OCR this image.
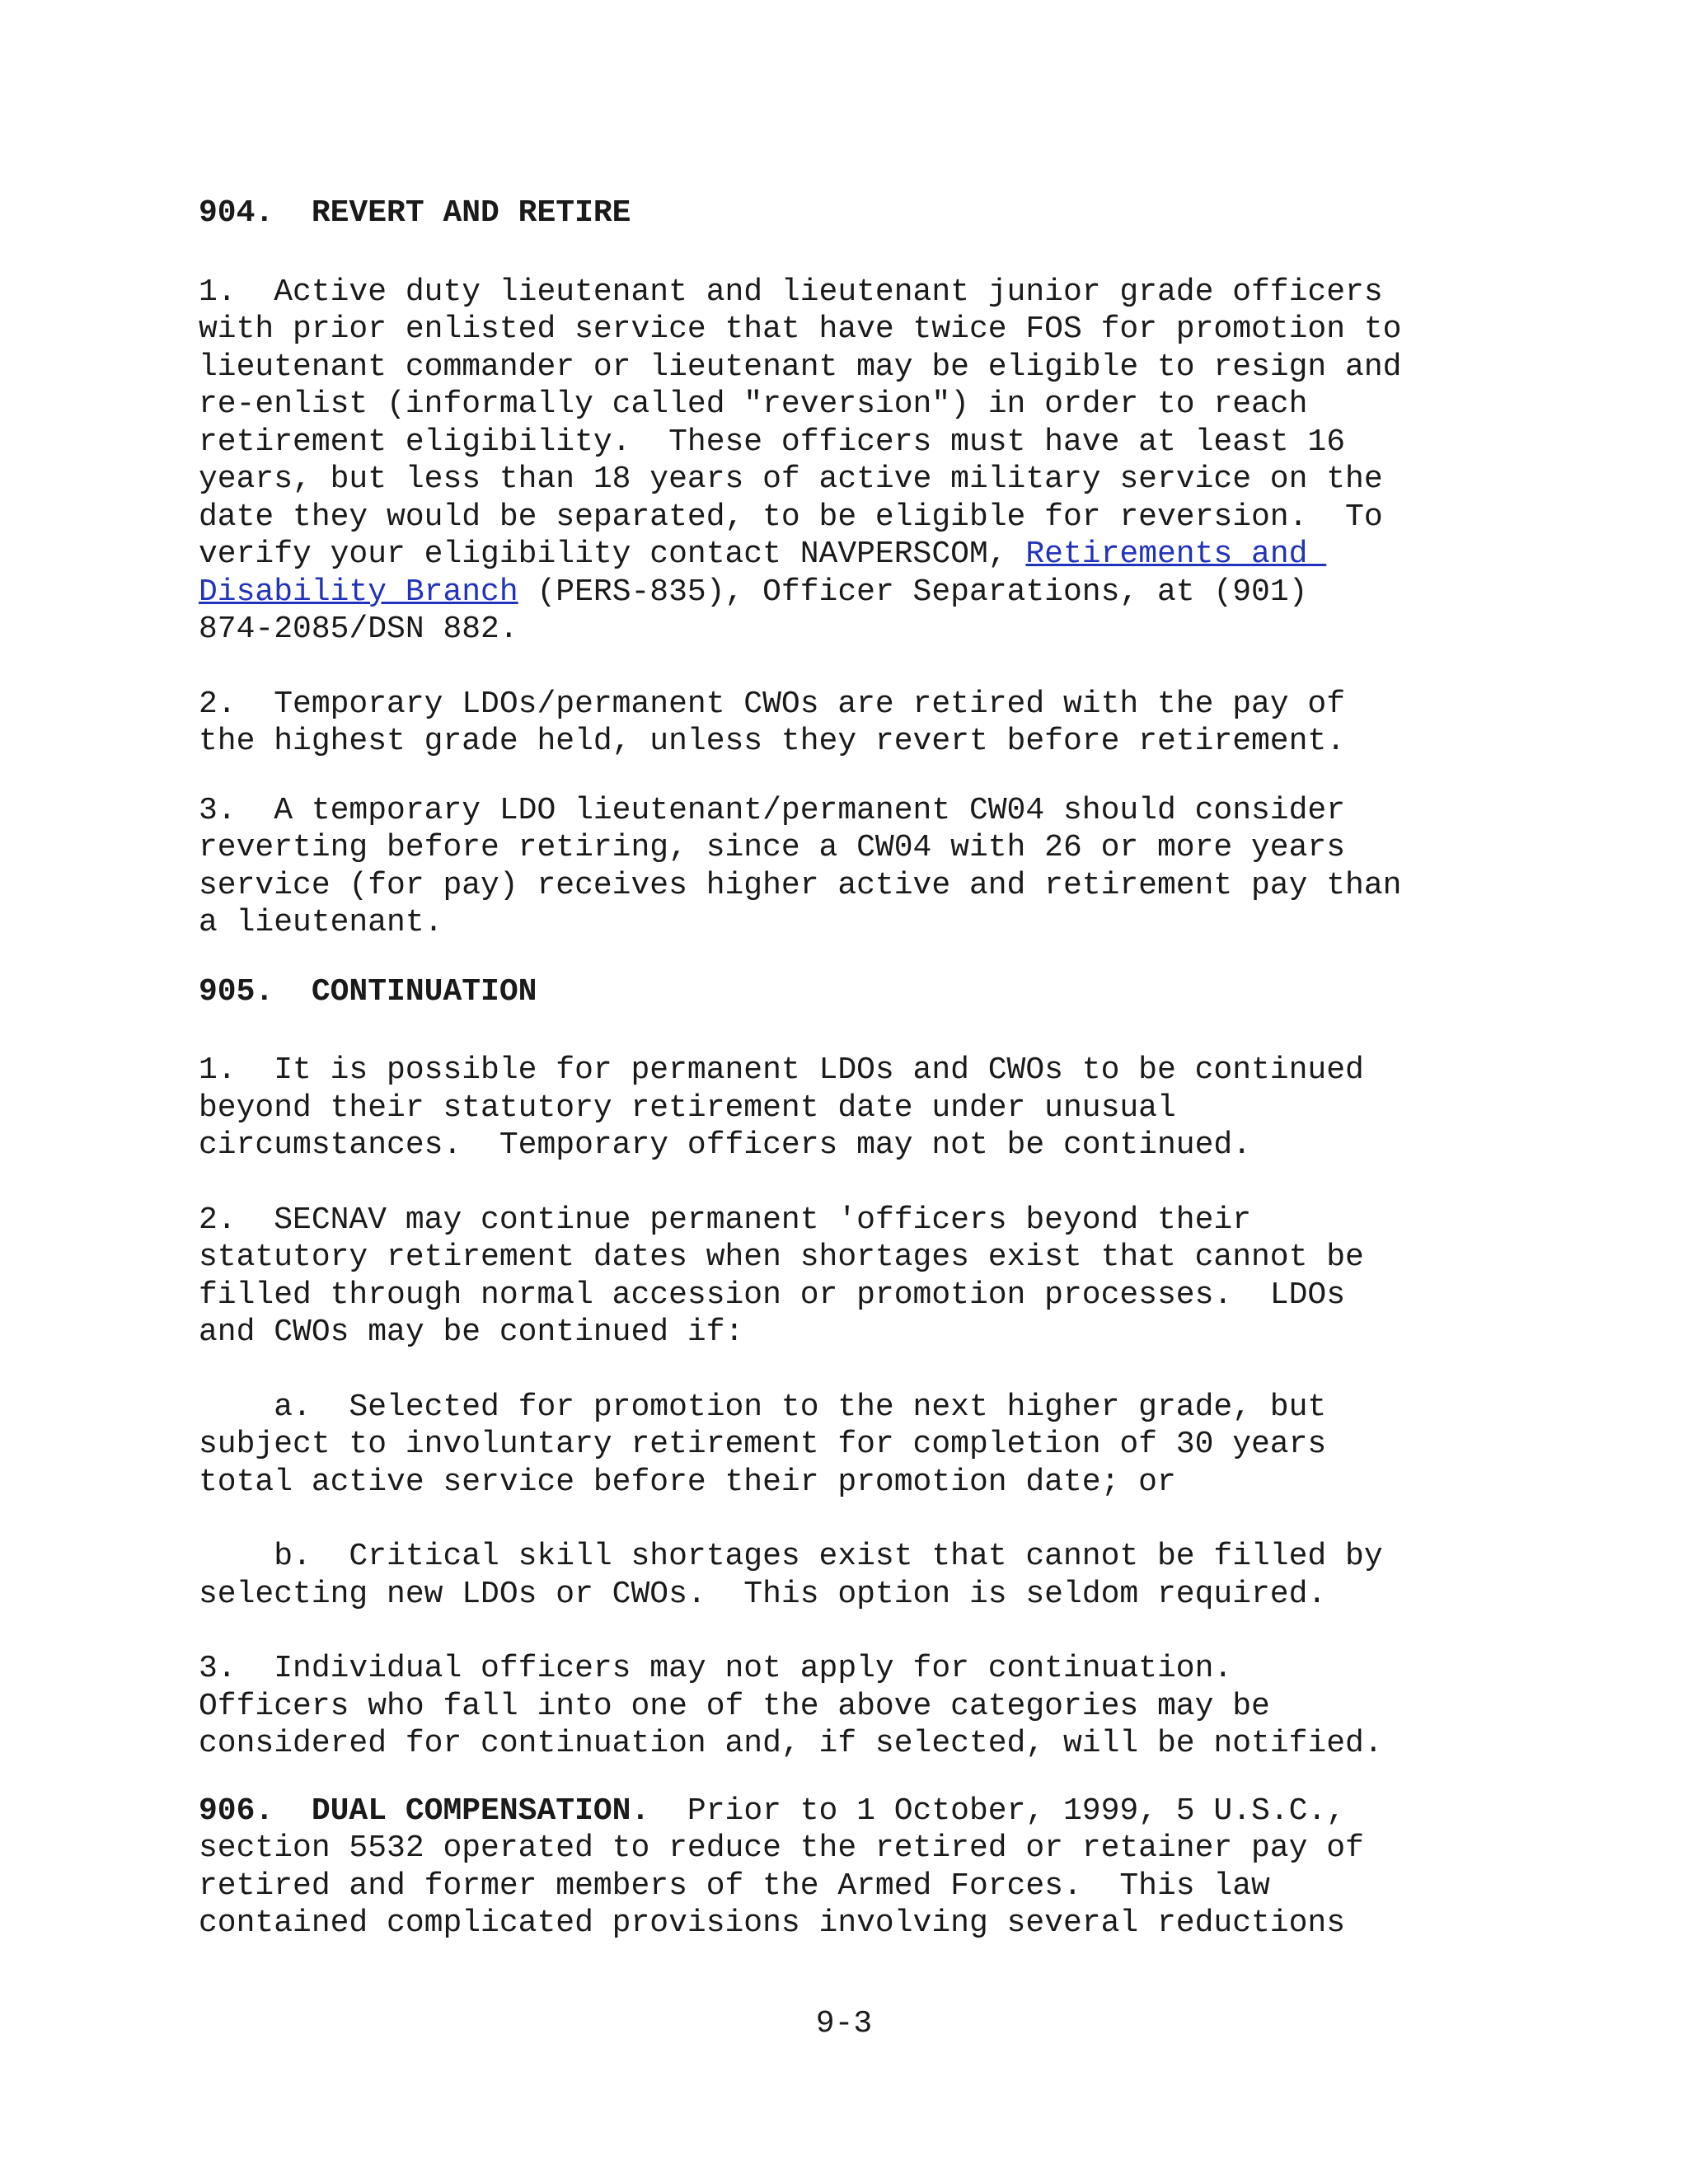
904.  REVERT AND RETIRE
1.  Active duty lieutenant and lieutenant junior grade officers
with prior enlisted service that have twice FOS for promotion to
lieutenant commander or lieutenant may be eligible to resign and
re-enlist (informally called "reversion") in order to reach
retirement eligibility.  These officers must have at least 16
years, but less than 18 years of active military service on the
date they would be separated, to be eligible for reversion.  To
verify your eligibility contact NAVPERSCOM, Retirements and
Disability Branch (PERS-835), Officer Separations, at (901)
874-2085/DSN 882.
2.  Temporary LDOs/permanent CWOs are retired with the pay of
the highest grade held, unless they revert before retirement.
3.  A temporary LDO lieutenant/permanent CW04 should consider
reverting before retiring, since a CW04 with 26 or more years
service (for pay) receives higher active and retirement pay than
a lieutenant.
905.  CONTINUATION
1.  It is possible for permanent LDOs and CWOs to be continued
beyond their statutory retirement date under unusual
circumstances.  Temporary officers may not be continued.
2.  SECNAV may continue permanent 'officers beyond their
statutory retirement dates when shortages exist that cannot be
filled through normal accession or promotion processes.  LDOs
and CWOs may be continued if:
a.  Selected for promotion to the next higher grade, but
subject to involuntary retirement for completion of 30 years
total active service before their promotion date; or
b.  Critical skill shortages exist that cannot be filled by
selecting new LDOs or CWOs.  This option is seldom required.
3.  Individual officers may not apply for continuation.
Officers who fall into one of the above categories may be
considered for continuation and, if selected, will be notified.
906.  DUAL COMPENSATION.  Prior to 1 October, 1999, 5 U.S.C.,
section 5532 operated to reduce the retired or retainer pay of
retired and former members of the Armed Forces.  This law
contained complicated provisions involving several reductions
9-3
